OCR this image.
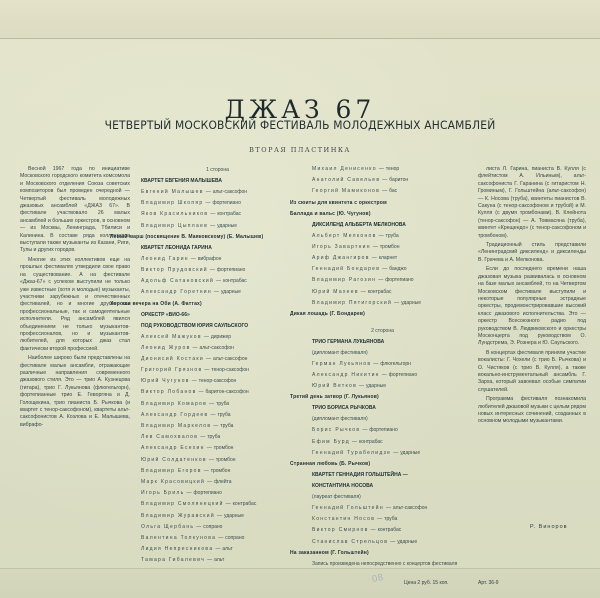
ДЖАЗ 67
ЧЕТВЕРТЫЙ МОСКОВСКИЙ ФЕСТИВАЛЬ МОЛОДЕЖНЫХ АНСАМБЛЕЙ
ВТОРАЯ ПЛАСТИНКА

Весной 1967 года по инициативе Московского городского комитета комсомола и Московского отделения Союза советских композиторов был проведен очередной — Четвертый фестиваль молодежных джазовых ансамблей «ДЖАЗ 67». В фестивале участвовало 26 малых ансамблей и больших оркестров, в основном — из Москвы, Ленинграда, Тбилиси и Калинина. В составе ряда коллективов выступали также музыканты из Казани, Риги, Тулы и других городов.

Многие из этих коллективов еще на прошлых фестивалях утвердили свое право на существование. А на фестивале «Джаз-67» с успехом выступили не только уже известные (хотя и молодые) музыканты, участники зарубежных и отечественных фестивалей, но и многие другие как профессиональные, так и самодеятельные исполнители. Ряд ансамблей явился объединением не только музыкантов-профессионалов, но и музыкантов-любителей, для которых джаз стал фактически второй профессией.

Наиболее широко были представлены на фестивале малые ансамбли, отражающие различные направления современного джазового стиля. Это — трио А. Кузнецова (гитара), трио Г. Лукьянова (флюгельгорн), фортепианные трио Е. Геворгяна и Д. Голощекина, трио пианиста Б. Рычкова (и квартет с тенор-саксофоном), квартеты альт-саксофонистов А. Козлова и Е. Малышева, вибрафо-

1 сторона
КВАРТЕТ ЕВГЕНИЯ МАЛЫШЕВА
Евгений Малышев — альт-саксофон
Владимир Шкопяр — фортепиано
Яков Красильников — контрабас
Владимир Цыплаев — ударные
Левый марш (посвящение В. Маяковскому) (Е. Малышев)
КВАРТЕТ ЛЕОНИДА ГАРИНА
Леонид Гарин — вибрафон
Виктор Прудовский — фортепиано
Адольф Сатановский — контрабас
Александр Горетнин — ударные
Хороши вечера на Оби (А. Фаттах)
ОРКЕСТР «ВИО-66»
ПОД РУКОВОДСТВОМ ЮРИЯ САУЛЬСКОГО
Алексей Мажуков — дирижер
Леонид Журов — альт-саксофон
Дионисий Костаки — альт-саксофон
Григорий Грязнов — тенор-саксофон
Юрий Чугунов — тенор-саксофон
Виктор Лобанов — баритон-саксофон
Владимир Комаров — труба
Александр Гордеев — труба
Владимир Маркелов — труба
Лев Самохвалов — труба
Александр Есехин — тромбон
Юрий Солдатенков — тромбон
Владимир Егоров — тромбон
Марк Красовицкий — флейта
Игорь Бриль — фортепиано
Владимир Смолянецкий — контрабас
Владимир Журавский — ударные
Ольга Щербань — сопрано
Валентина Толкунова — сопрано
Лидия Непресникова — альт
Тамара Гибалевич — альт
Михаил Денисенко — тенор
Анатолий Савельев — баритон
Георгий Мамиконов — бас
Из сюиты для квинтета с оркестром
Баллада и вальс (Ю. Чугунов)
ДИКСИЛЕНД АЛЬБЕРТА МЕЛКОНОВА
Альберт Мелконов — труба
Игорь Завартнин — тромбон
Ариф Джангиров — кларнет
Геннадий Бондарев — банджо
Владимир Рагозин — фортепиано
Юрий Махеев — контрабас
Владимир Пятигорский — ударные
Дикая лошадь (Г. Бондарев)
2 сторона
ТРИО ГЕРМАНА ЛУКЬЯНОВА
(дипломант фестиваля)
Герман Лукьянов — флюгельгорн
Александр Никитин — фортепиано
Юрий Ветков — ударные
Третий день затвор (Г. Лукьянов)
ТРИО БОРИСА РЫЧКОВА
(дипломант фестиваля)
Борис Рычков — фортепиано
Ефим Бурд — контрабас
Геннадий Турабелидзе — ударные
Странная любовь (Б. Рычков)
КВАРТЕТ ГЕННАДИЯ ГОЛЬШТЕЙНА —
КОНСТАНТИНА НОСОВА
(лауреат фестиваля)
Геннадий Гольштейн — альт-саксофон
Константин Носов — труба
Виктор Смирнов — контрабас
Станислав Стрельцов — ударные
На заказанном (Г. Гольштейн)
Запись произведена непосредственно с концертов фестиваля

листа Л. Гарина, пианиста В. Кулля (с флейтистом А. Ильиным), альт-саксофониста Г. Гаранина (с гитаристом Н. Громиным), Г. Гольштейна (альт-саксофон) — К. Носова (труба), квинтеты пианистов В. Сакуна (с тенор-саксофоном и трубой) и М. Кулля (с двумя тромбонами), В. Клейнота (тенор-саксофон) — А. Товмасяна (труба), квинтет «Крещендо» (с тенор-саксофоном и тромбоном).

Традиционный стиль представили «Ленинградский диксиленд» и диксиленды В. Грачева и А. Мелконова.

Если до последнего времени наша джазовая музыка развивалась в основном на базе малых ансамблей, то на Четвертом Московском фестивале выступили и некоторые популярные эстрадные оркестры, продемонстрировавшие высокий класс джазового исполнительства. Это — оркестр Всесоюзного радио под руководством В. Людвиковского и оркестры Москонцерта под руководством О. Лундстрема, Э. Рознера и Ю. Саульского.

В концертах фестиваля приняли участие вокалисты: Г. Чохели (с трио Б. Рычкова) и О. Чистяков (с трио В. Кулля), а также вокально-инструментальный ансамбль Г. Зарха, который завоевал особые симпатии слушателей.

Программа фестиваля познакомила любителей джазовой музыки с целым рядом новых интересных сочинений, созданных в основном молодыми музыкантами.

Р. Виноров
08	Цена 2 руб. 15 коп.	Арт. 36-9
